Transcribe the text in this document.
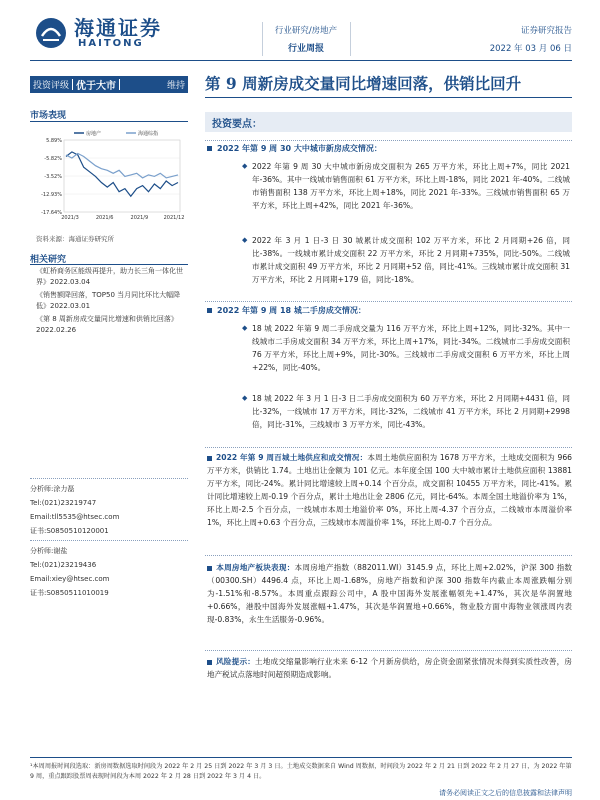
海通证券
HAITONG
行业研究/房地产
行业周报
证券研究报告
2022 年 03 月 06 日
投资评级 优于大市	维持 第 9 周新房成交量同比增速回落，供销比回升
市场表现
5.89%
-5.82%
-3.52%
-12.93%
-17.64%
2021/3	2021/6	2021/9	2021/12
房地产	海通综指
资料来源：海通证券研究所
相关研究
《虹桥商务区能级再提升，助力长三角一体化世界》2022.03.04
《销售额降回落，TOP50 当月同比环比大幅降低》2022.03.01
《第 8 周新房成交量同比增速和供销比回落》2022.02.26
分析师:涂力磊
Tel:(021)23219747
Email:tll5535@htsec.com
证书:S0850510120001
分析师:谢盐
Tel:(021)23219436
Email:xiey@htsec.com
证书:S0850511010019
投资要点：
2022 年第 9 周 30 大中城市新房成交情况：
◆ 2022 年第 9 周 30 大中城市新房成交面积为 265 万平方米，环比上周+7%，同比 2021 年-36%。其中一线城市销售面积 61 万平方米，环比上周-18%，同比 2021 年-40%。二线城市销售面积 138 万平方米，环比上周+18%，同比 2021 年-33%。三线城市销售面积 65 万平方米，环比上周+42%，同比 2021 年-36%。
◆ 2022 年 3 月 1 日-3 日 30 城累计成交面积 102 万平方米，环比 2 月同期+26 倍，同比-38%。一线城市累计成交面积 22 万平方米，环比 2 月同期+735%，同比-50%。二线城市累计成交面积 49 万平方米，环比 2 月同期+52 倍，同比-41%。三线城市累计成交面积 31 万平方米，环比 2 月同期+179 倍，同比-18%。
2022 年第 9 周 18 城二手房成交情况：
◆ 18 城 2022 年第 9 周二手房成交量为 116 万平方米，环比上周+12%，同比-32%。其中一线城市二手房成交面积 34 万平方米，环比上周+17%，同比-34%。二线城市二手房成交面积 76 万平方米，环比上周+9%，同比-30%。三线城市二手房成交面积 6 万平方米，环比上周+22%，同比-40%。
◆ 18 城 2022 年 3 月 1 日-3 日二手房成交面积为 60 万平方米，环比 2 月同期+4431 倍，同比-32%，一线城市 17 万平方米，同比-32%，二线城市 41 万平方米，环比 2 月同期+2998 倍，同比-31%，三线城市 3 万平方米，同比-43%。
2022 年第 9 周百城土地供应和成交情况：本周土地供应面积为 1678 万平方米，土地成交面积为 966 万平方米，供销比 1.74。土地出让金额为 101 亿元。本年度全国 100 大中城市累计土地供应面积 13881 万平方米，同比-24%。累计同比增速较上周+0.14 个百分点，成交面积 10455 万平方米，同比-41%。累计同比增速较上周-0.19 个百分点，累计土地出让金 2806 亿元，同比-64%。本周全国土地溢价率为 1%，环比上周-2.5 个百分点，一线城市本周土地溢价率 0%，环比上周-4.37 个百分点，二线城市本周溢价率 1%，环比上周+0.63 个百分点，三线城市本周溢价率 1%，环比上周-0.7 个百分点。
本周房地产板块表现：本周房地产指数（882011.WI）3145.9 点，环比上周+2.02%，沪深 300 指数（00300.SH）4496.4 点，环比上周-1.68%，房地产指数和沪深 300 指数年内截止本周涨跌幅分别为-1.51%和-8.57%。本周重点跟踪公司中，A 股中国海外发展涨幅领先+1.47%，其次是华润置地+0.66%，港股中国海外发展涨幅+1.47%，其次是华润置地+0.66%，物业股方面中海物业领涨周内表现-0.83%，永生生活服务-0.96%。
风险提示：土地成交缩量影响行业未来 6-12 个月新房供给，房企资金面紧张情况未得到实质性改善，房地产税试点落地时间超预期造成影响。
¹本周周报时间段选取：新房周数据选取时间段为 2022 年 2 月 25 日到 2022 年 3 月 3 日。土地成交数据来自 Wind 周数据，时间段为 2022 年 2 月 21 日到 2022 年 2 月 27 日，为 2022 年第 9 周，重点跟踪股票周表现时间段为本周 2022 年 2 月 28 日到 2022 年 3 月 4 日。
请务必阅读正文之后的信息披露和法律声明
